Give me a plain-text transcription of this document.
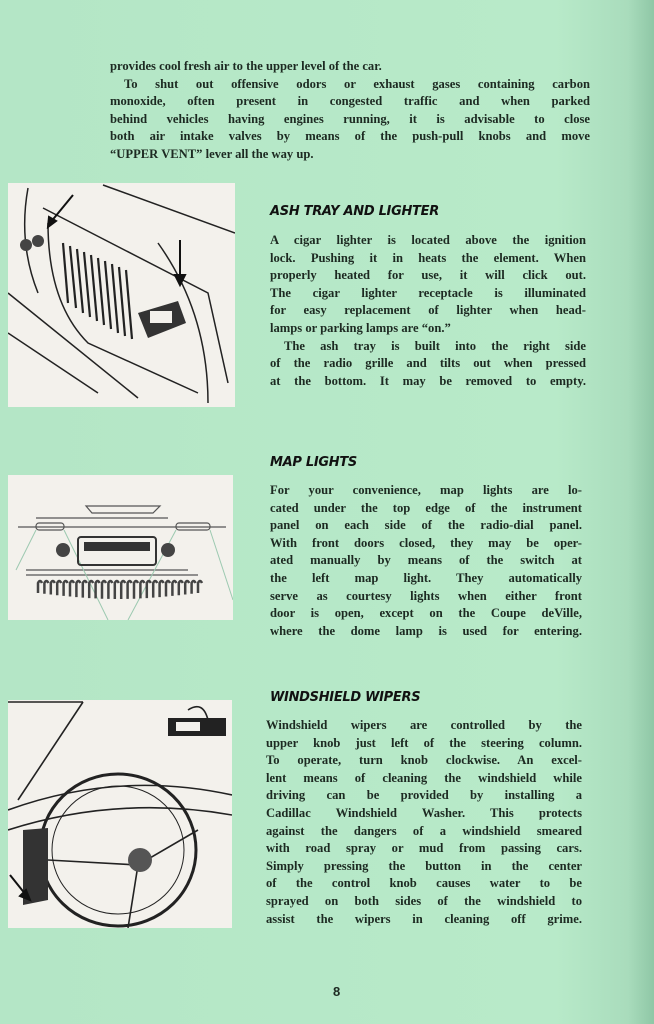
provides cool fresh air to the upper level of the car.
To shut out offensive odors or exhaust gases containing carbon
monoxide, often present in congested traffic and when parked
behind vehicles having engines running, it is advisable to close
both air intake valves by means of the push-pull knobs and move
“UPPER VENT” lever all the way up.
ASH TRAY AND LIGHTER
A cigar lighter is located above the ignition
lock. Pushing it in heats the element. When
properly heated for use, it will click out.
The cigar lighter receptacle is illuminated
for easy replacement of lighter when head-
lamps or parking lamps are “on.”
The ash tray is built into the right side
of the radio grille and tilts out when pressed
at the bottom. It may be removed to empty.
MAP LIGHTS
For your convenience, map lights are lo-
cated under the top edge of the instrument
panel on each side of the radio-dial panel.
With front doors closed, they may be oper-
ated manually by means of the switch at
the left map light. They automatically
serve as courtesy lights when either front
door is open, except on the Coupe deVille,
where the dome lamp is used for entering.
WINDSHIELD WIPERS
Windshield wipers are controlled by the
upper knob just left of the steering column.
To operate, turn knob clockwise. An excel-
lent means of cleaning the windshield while
driving can be provided by installing a
Cadillac Windshield Washer. This protects
against the dangers of a windshield smeared
with road spray or mud from passing cars.
Simply pressing the button in the center
of the control knob causes water to be
sprayed on both sides of the windshield to
assist the wipers in cleaning off grime.
8
